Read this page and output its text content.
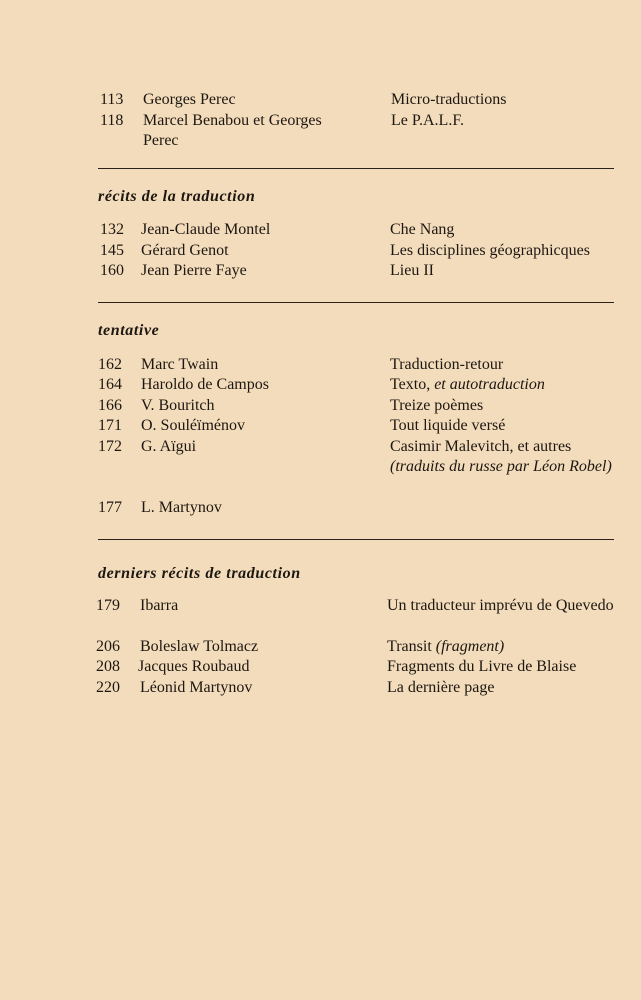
113 Georges Perec	Micro-traductions
118 Marcel Benabou et Georges	Le P.A.L.F.
Perec
récits de la traduction
132 Jean-Claude Montel	Che Nang
145 Gérard Genot	Les disciplines géographicques
160 Jean Pierre Faye	Lieu II
tentative
162 Marc Twain	Traduction-retour
164 Haroldo de Campos	Texto, et autotraduction
166 V. Bouritch	Treize poèmes
171 O. Souléïménov	Tout liquide versé
172 G. Aïgui	Casimir Malevitch, et autres
(traduits du russe par Léon Robel)
177 L. Martynov
derniers récits de traduction
179 Ibarra	Un traducteur imprévu de Quevedo
206 Boleslaw Tolmacz	Transit (fragment)
208 Jacques Roubaud	Fragments du Livre de Blaise
220 Léonid Martynov	La dernière page
